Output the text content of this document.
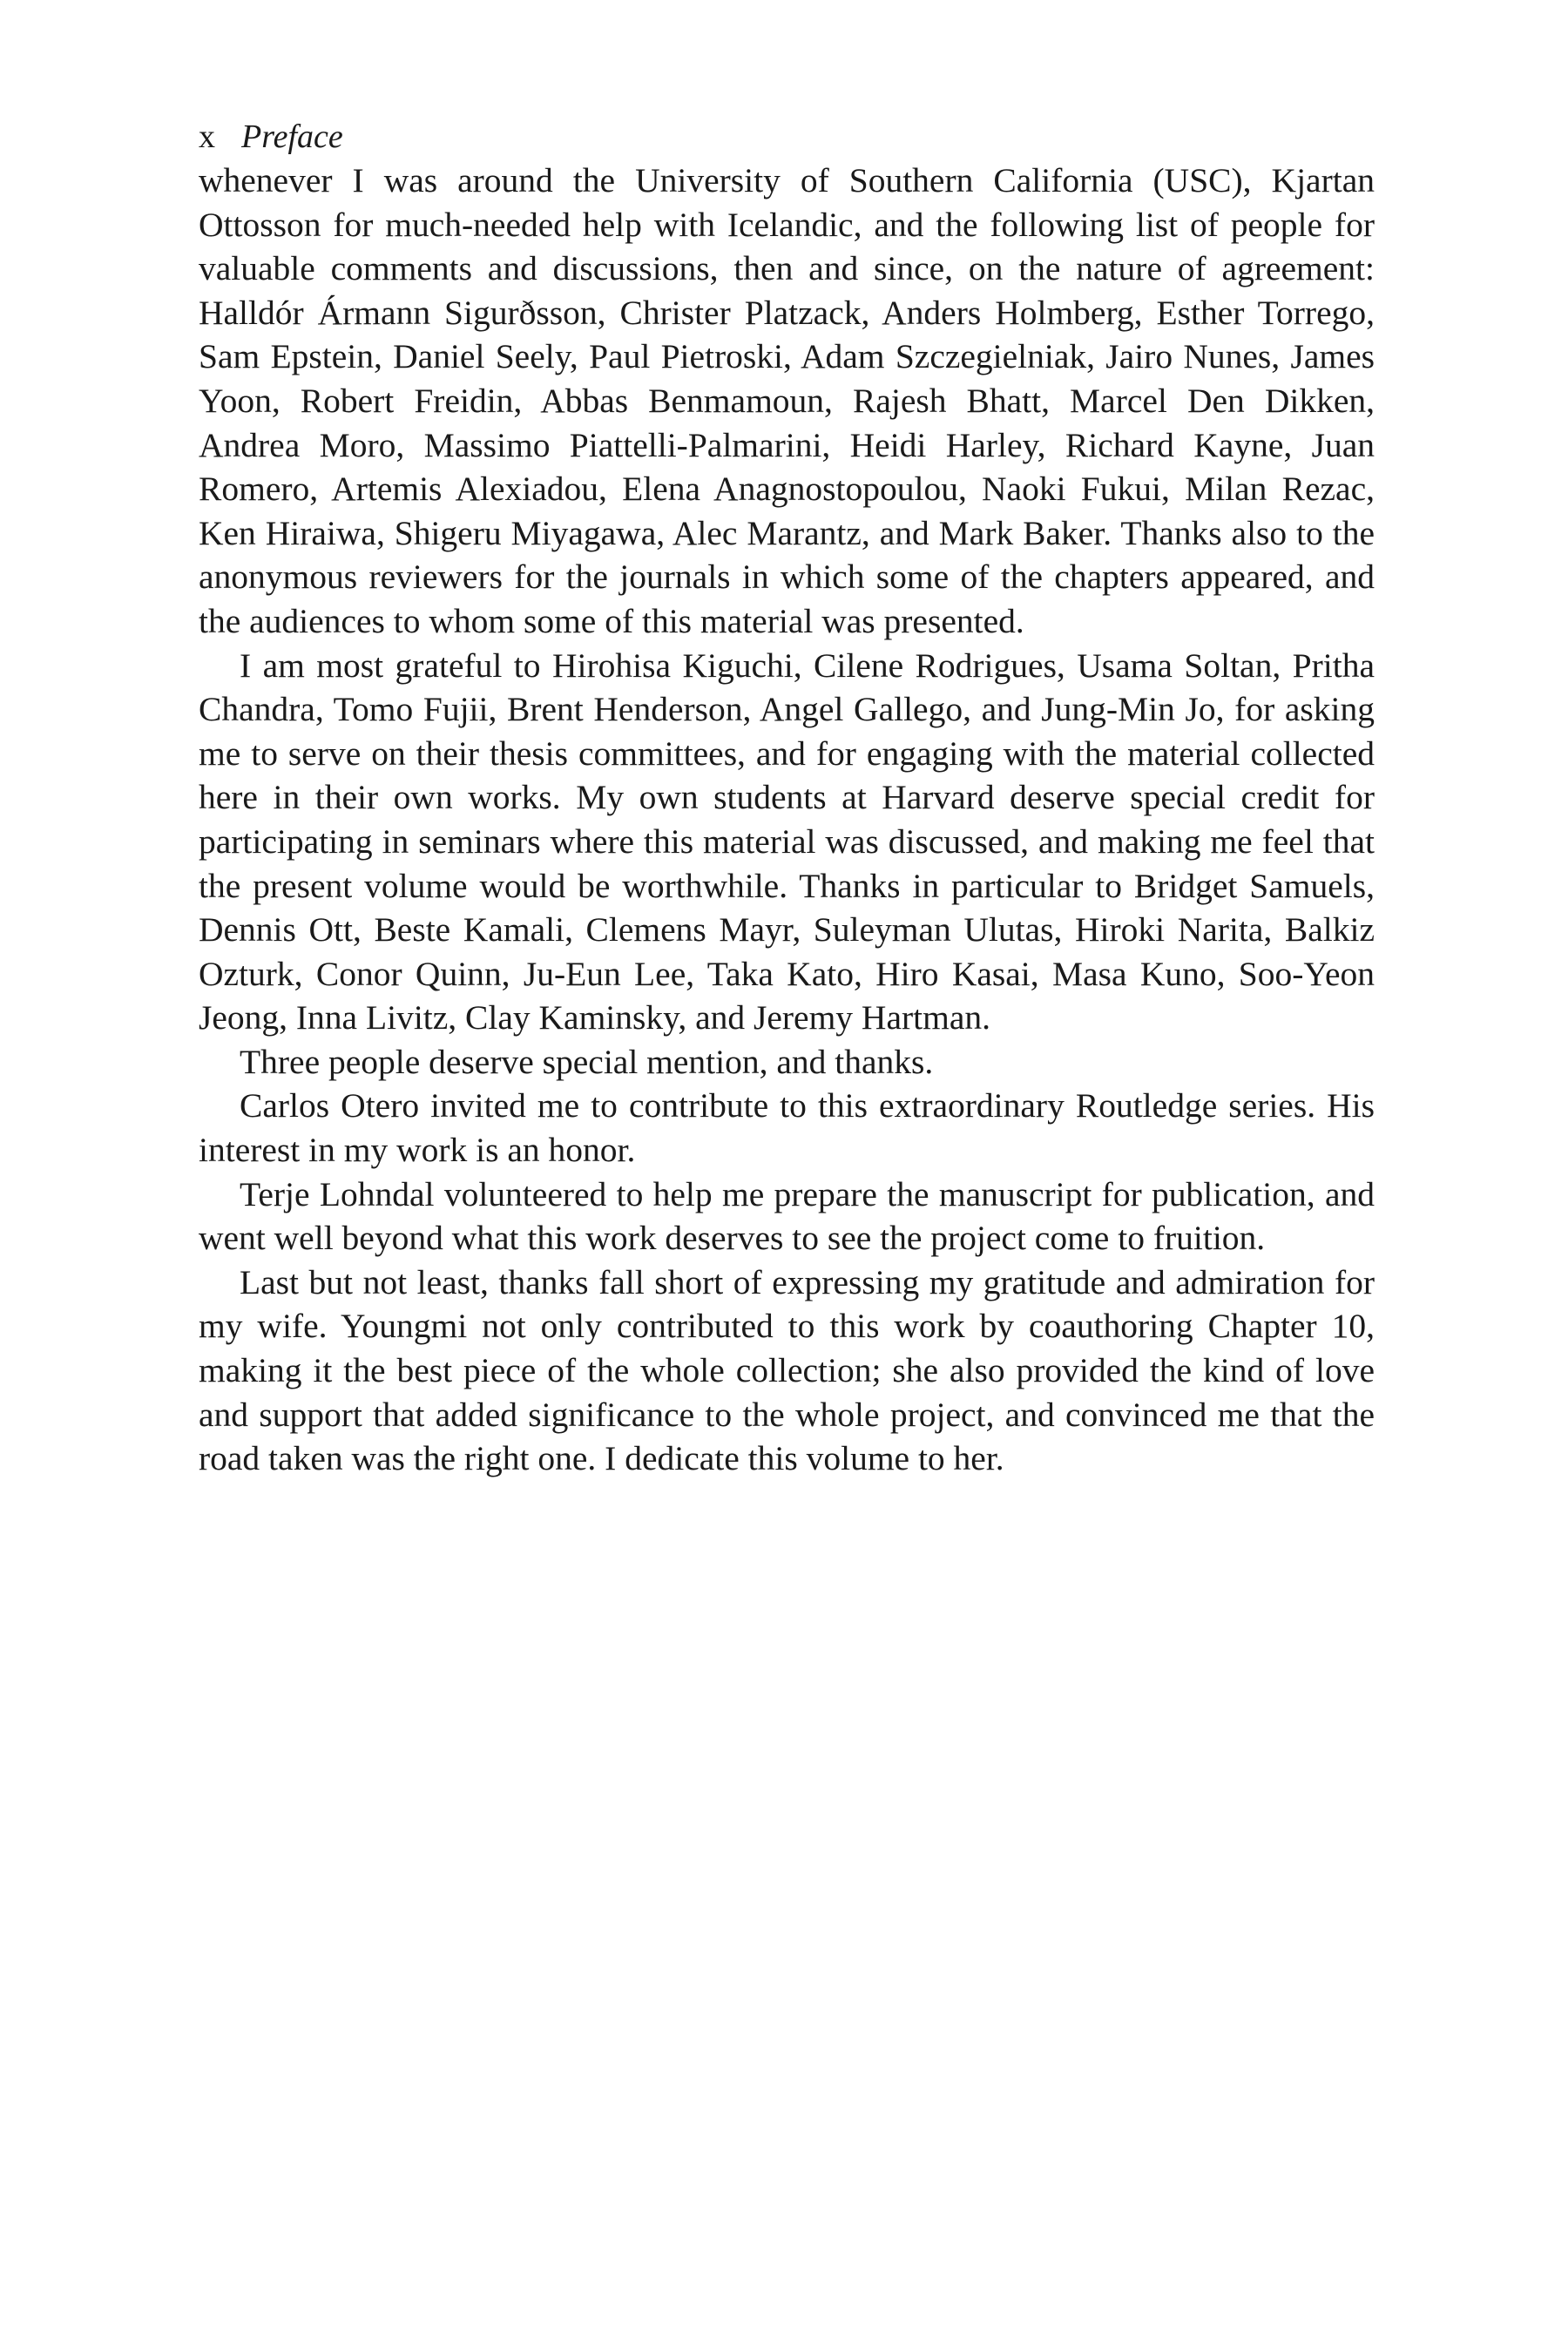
x Preface

whenever I was around the University of Southern California (USC), Kjartan Ottosson for much-needed help with Icelandic, and the following list of people for valuable comments and discussions, then and since, on the nature of agreement: Halldór Ármann Sigurðsson, Christer Platzack, Anders Holmberg, Esther Torrego, Sam Epstein, Daniel Seely, Paul Pietroski, Adam Szczegielniak, Jairo Nunes, James Yoon, Robert Freidin, Abbas Benmamoun, Rajesh Bhatt, Marcel Den Dikken, Andrea Moro, Massimo Piattelli-Palmarini, Heidi Harley, Richard Kayne, Juan Romero, Artemis Alexiadou, Elena Anagnostopoulou, Naoki Fukui, Milan Rezac, Ken Hiraiwa, Shigeru Miyagawa, Alec Marantz, and Mark Baker. Thanks also to the anonymous reviewers for the journals in which some of the chapters appeared, and the audiences to whom some of this material was presented.

I am most grateful to Hirohisa Kiguchi, Cilene Rodrigues, Usama Soltan, Pritha Chandra, Tomo Fujii, Brent Henderson, Angel Gallego, and Jung-Min Jo, for asking me to serve on their thesis committees, and for engaging with the material collected here in their own works. My own students at Harvard deserve special credit for participating in seminars where this material was discussed, and making me feel that the present volume would be worthwhile. Thanks in particular to Bridget Samuels, Dennis Ott, Beste Kamali, Clemens Mayr, Suleyman Ulutas, Hiroki Narita, Balkiz Ozturk, Conor Quinn, Ju-Eun Lee, Taka Kato, Hiro Kasai, Masa Kuno, Soo-Yeon Jeong, Inna Livitz, Clay Kaminsky, and Jeremy Hartman.

Three people deserve special mention, and thanks.

Carlos Otero invited me to contribute to this extraordinary Routledge series. His interest in my work is an honor.

Terje Lohndal volunteered to help me prepare the manuscript for publication, and went well beyond what this work deserves to see the project come to fruition.

Last but not least, thanks fall short of expressing my gratitude and admiration for my wife. Youngmi not only contributed to this work by coauthoring Chapter 10, making it the best piece of the whole collection; she also provided the kind of love and support that added significance to the whole project, and convinced me that the road taken was the right one. I dedicate this volume to her.
